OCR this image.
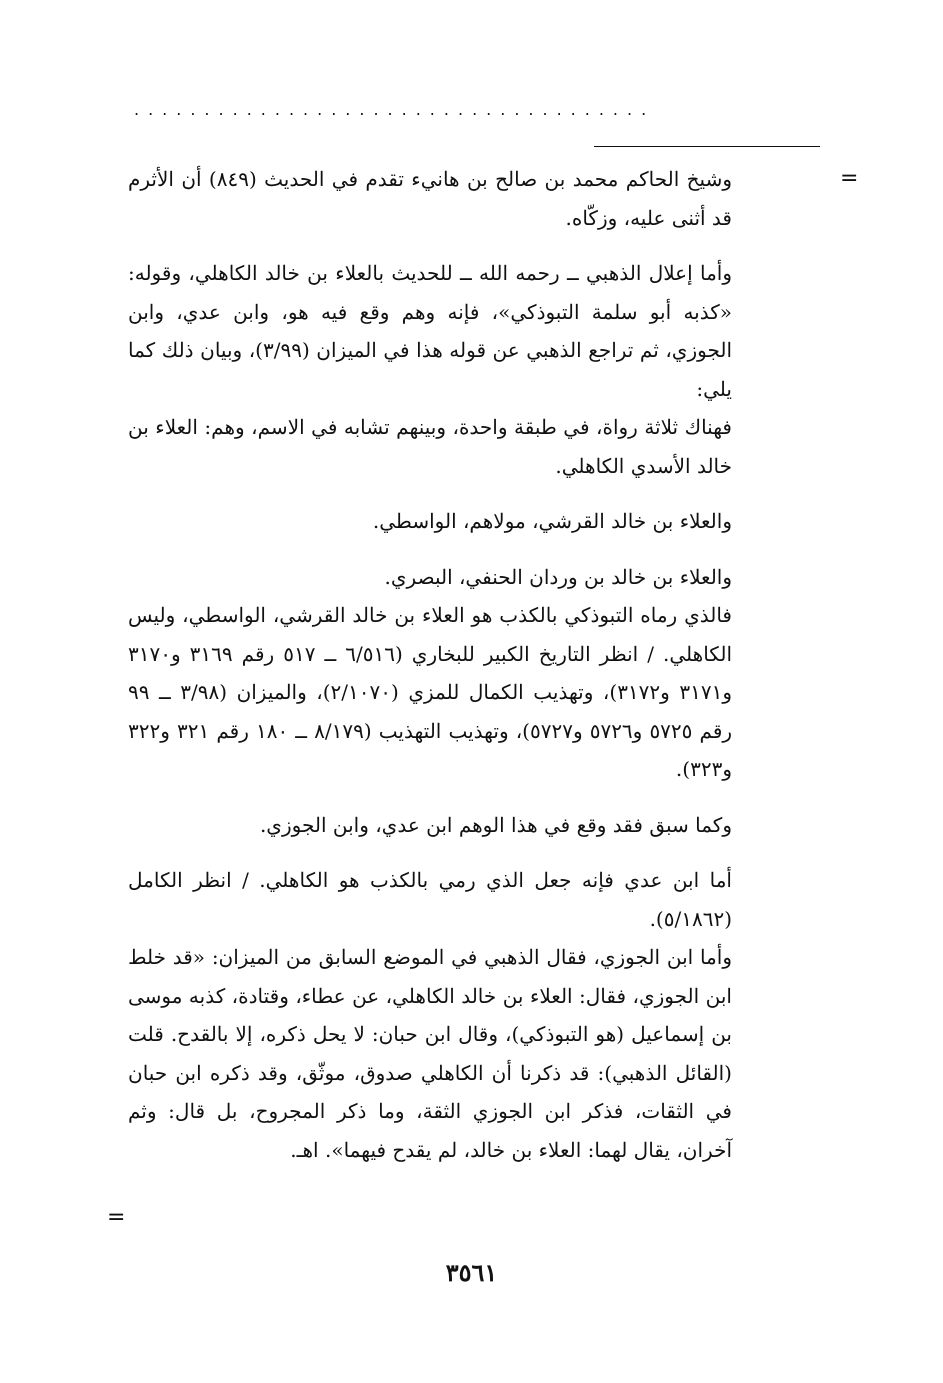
.....................................
=

وشيخ الحاكم محمد بن صالح بن هانيء تقدم في الحديث (٨٤٩) أن الأثرم قد أثنى عليه، وزكّاه.

وأما إعلال الذهبي ــ رحمه الله ــ للحديث بالعلاء بن خالد الكاهلي، وقوله: «كذبه أبو سلمة التبوذكي»، فإنه وهم وقع فيه هو، وابن عدي، وابن الجوزي، ثم تراجع الذهبي عن قوله هذا في الميزان (٣/٩٩)، وبيان ذلك كما يلي:

فهناك ثلاثة رواة، في طبقة واحدة، وبينهم تشابه في الاسم، وهم: العلاء بن خالد الأسدي الكاهلي.

والعلاء بن خالد القرشي، مولاهم، الواسطي.

والعلاء بن خالد بن وردان الحنفي، البصري.

فالذي رماه التبوذكي بالكذب هو العلاء بن خالد القرشي، الواسطي، وليس الكاهلي. / انظر التاريخ الكبير للبخاري (٦/٥١٦ ــ ٥١٧ رقم ٣١٦٩ و٣١٧٠ و٣١٧١ و٣١٧٢)، وتهذيب الكمال للمزي (٢/١٠٧٠)، والميزان (٣/٩٨ ــ ٩٩ رقم ٥٧٢٥ و٥٧٢٦ و٥٧٢٧)، وتهذيب التهذيب (٨/١٧٩ ــ ١٨٠ رقم ٣٢١ و٣٢٢ و٣٢٣).

وكما سبق فقد وقع في هذا الوهم ابن عدي، وابن الجوزي.

أما ابن عدي فإنه جعل الذي رمي بالكذب هو الكاهلي. / انظر الكامل (٥/١٨٦٢).

وأما ابن الجوزي، فقال الذهبي في الموضع السابق من الميزان: «قد خلط ابن الجوزي، فقال: العلاء بن خالد الكاهلي، عن عطاء، وقتادة، كذبه موسى بن إسماعيل (هو التبوذكي)، وقال ابن حبان: لا يحل ذكره، إلا بالقدح. قلت (القائل الذهبي): قد ذكرنا أن الكاهلي صدوق، موثّق، وقد ذكره ابن حبان في الثقات، فذكر ابن الجوزي الثقة، وما ذكر المجروح، بل قال: وثم آخران، يقال لهما: العلاء بن خالد، لم يقدح فيهما». اهـ.

=
٣٥٦١
